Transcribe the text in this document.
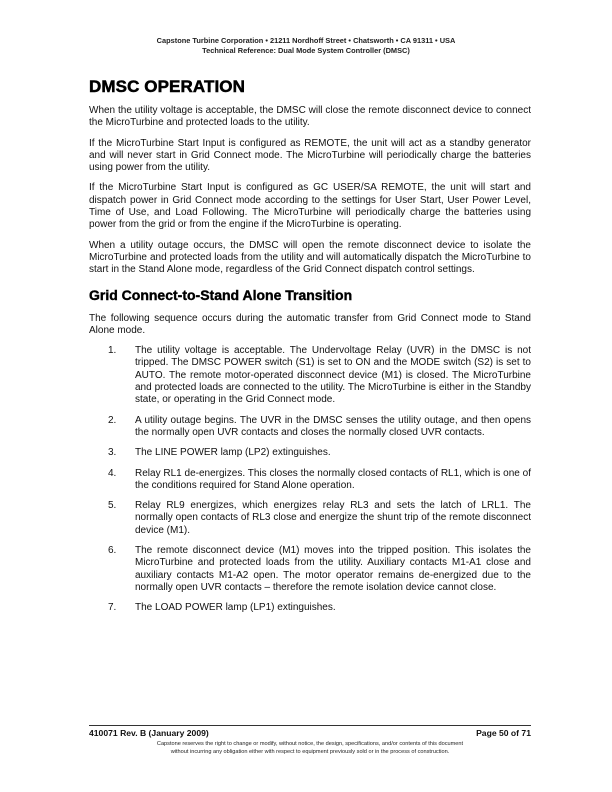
Capstone Turbine Corporation • 21211 Nordhoff Street • Chatsworth • CA 91311 • USA
Technical Reference: Dual Mode System Controller (DMSC)
DMSC OPERATION

When the utility voltage is acceptable, the DMSC will close the remote disconnect device to connect the MicroTurbine and protected loads to the utility.

If the MicroTurbine Start Input is configured as REMOTE, the unit will act as a standby generator and will never start in Grid Connect mode. The MicroTurbine will periodically charge the batteries using power from the utility.

If the MicroTurbine Start Input is configured as GC USER/SA REMOTE, the unit will start and dispatch power in Grid Connect mode according to the settings for User Start, User Power Level, Time of Use, and Load Following. The MicroTurbine will periodically charge the batteries using power from the grid or from the engine if the MicroTurbine is operating.

When a utility outage occurs, the DMSC will open the remote disconnect device to isolate the MicroTurbine and protected loads from the utility and will automatically dispatch the MicroTurbine to start in the Stand Alone mode, regardless of the Grid Connect dispatch control settings.

Grid Connect-to-Stand Alone Transition

The following sequence occurs during the automatic transfer from Grid Connect mode to Stand Alone mode.

1. The utility voltage is acceptable. The Undervoltage Relay (UVR) in the DMSC is not tripped. The DMSC POWER switch (S1) is set to ON and the MODE switch (S2) is set to AUTO. The remote motor-operated disconnect device (M1) is closed. The MicroTurbine and protected loads are connected to the utility. The MicroTurbine is either in the Standby state, or operating in the Grid Connect mode.
2. A utility outage begins. The UVR in the DMSC senses the utility outage, and then opens the normally open UVR contacts and closes the normally closed UVR contacts.
3. The LINE POWER lamp (LP2) extinguishes.
4. Relay RL1 de-energizes. This closes the normally closed contacts of RL1, which is one of the conditions required for Stand Alone operation.
5. Relay RL9 energizes, which energizes relay RL3 and sets the latch of LRL1. The normally open contacts of RL3 close and energize the shunt trip of the remote disconnect device (M1).
6. The remote disconnect device (M1) moves into the tripped position. This isolates the MicroTurbine and protected loads from the utility. Auxiliary contacts M1-A1 close and auxiliary contacts M1-A2 open. The motor operator remains de-energized due to the normally open UVR contacts – therefore the remote isolation device cannot close.
7. The LOAD POWER lamp (LP1) extinguishes.
410071 Rev. B (January 2009)	Page 50 of 71
Capstone reserves the right to change or modify, without notice, the design, specifications, and/or contents of this document
without incurring any obligation either with respect to equipment previously sold or in the process of construction.
